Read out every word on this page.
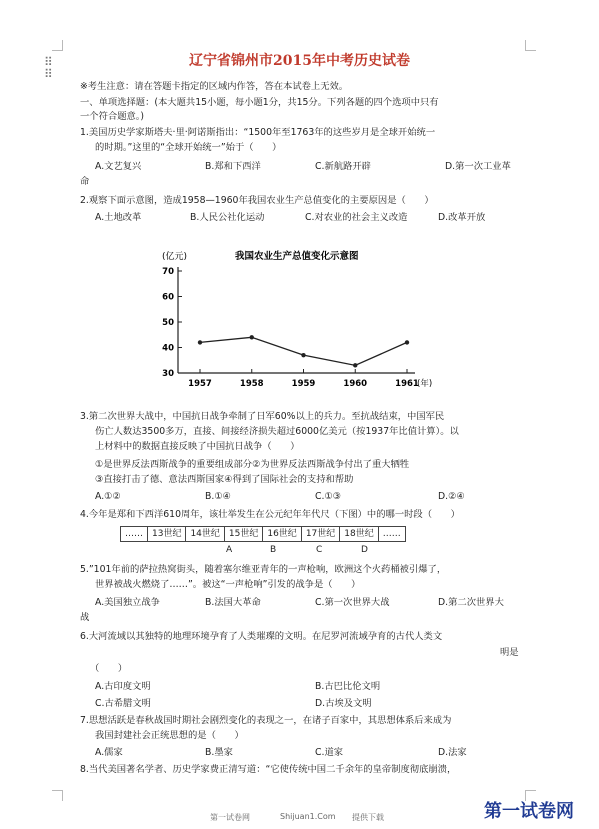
⠿
⠿
辽宁省锦州市2015年中考历史试卷
※考生注意：请在答题卡指定的区域内作答，答在本试卷上无效。
一、单项选择题：(本大题共15小题，每小题1分，共15分。下列各题的四个选项中只有
一个符合题意。)
1.美国历史学家斯塔夫·里·阿诺斯指出：“1500年至1763年的这些岁月是全球开始统一
的时期。”这里的“全球开始统一”始于（　　）
A.文艺复兴	B.郑和下西洋	C.新航路开辟	D.第一次工业革
命
2.观察下面示意图，造成1958—1960年我国农业生产总值变化的主要原因是（　　）
A.土地改革	B.人民公社化运动	C.对农业的社会主义改造	D.改革开放
(亿元)	我国农业生产总值变化示意图
30
40
50
60
70
1957	1958	1959	1960	1961
(年)
3.第二次世界大战中，中国抗日战争牵制了日军60%以上的兵力。至抗战结束，中国军民
伤亡人数达3500多万，直接、间接经济损失超过6000亿美元（按1937年比值计算）。以
上材料中的数据直接反映了中国抗日战争（　　）
①是世界反法西斯战争的重要组成部分②为世界反法西斯战争付出了重大牺牲
③直接打击了德、意法西斯国家④得到了国际社会的支持和帮助
A.①②	B.①④	C.①③	D.②④
4.今年是郑和下西洋610周年，该壮举发生在公元纪年年代尺（下图）中的哪一时段（　　）
……	13世纪	14世纪	15世纪	16世纪	17世纪	18世纪	……
A	B	C	D
5.”101年前的萨拉热窝街头，随着塞尔维亚青年的一声枪响，欧洲这个火药桶被引爆了，
世界被战火燃烧了……”。被这“一声枪响”引发的战争是（　　）
A.美国独立战争	B.法国大革命	C.第一次世界大战	D.第二次世界大
战
6.大河流域以其独特的地理环境孕育了人类璀璨的文明。在尼罗河流域孕育的古代人类文
明是
（　　）
A.古印度文明	B.古巴比伦文明
C.古希腊文明	D.古埃及文明
7.思想活跃是春秋战国时期社会剧烈变化的表现之一，在诸子百家中，其思想体系后来成为
我国封建社会正统思想的是（　　）
A.儒家	B.墨家	C.道家	D.法家
8.当代美国著名学者、历史学家费正清写道：“它使传统中国二千余年的皇帝制度彻底崩溃，
第一试卷网	Shijuan1.Com 提供下载	第一试卷网
